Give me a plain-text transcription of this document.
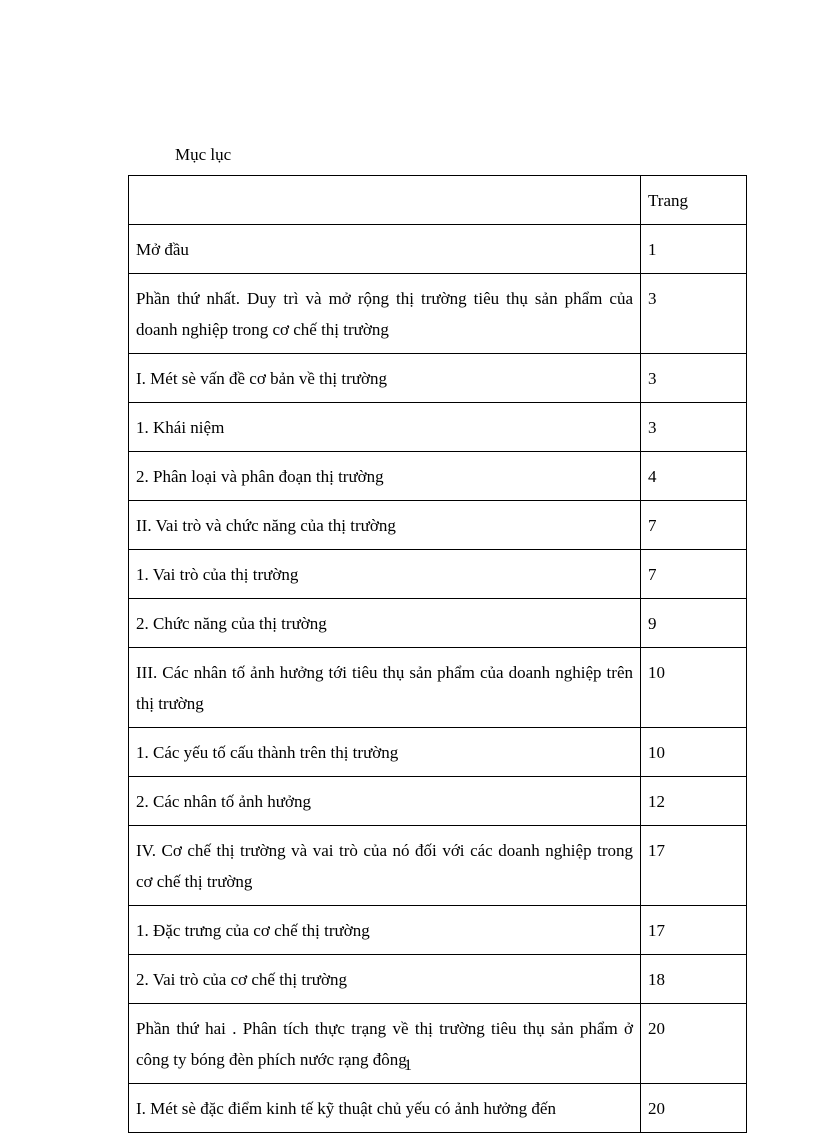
Mục lục
	Trang
Mở đầu	1
Phần thứ nhất. Duy trì và mở rộng thị trường tiêu thụ sản phẩm của doanh nghiệp trong cơ chế thị trường	3
I. Mét sè vấn đề cơ bản về thị trường	3
1. Khái niệm	3
2. Phân loại và phân đoạn thị trường	4
II. Vai trò và chức năng của thị trường	7
1. Vai trò của thị trường	7
2. Chức năng của thị trường	9
III. Các nhân tố ảnh hưởng tới tiêu thụ sản phẩm của doanh nghiệp trên thị trường	10
1. Các yếu tố cấu thành trên thị trường	10
2. Các nhân tố ảnh hưởng	12
IV. Cơ chế thị trường và vai trò của nó đối với các doanh nghiệp trong cơ chế thị trường	17
1. Đặc trưng của cơ chế thị trường	17
2. Vai trò của cơ chế thị trường	18
Phần thứ hai . Phân tích thực trạng về thị trường tiêu thụ sản phẩm ở công ty bóng đèn phích nước rạng đông	20
I. Mét sè đặc điểm kinh tế kỹ thuật chủ yếu có ảnh hưởng đến	20
1
